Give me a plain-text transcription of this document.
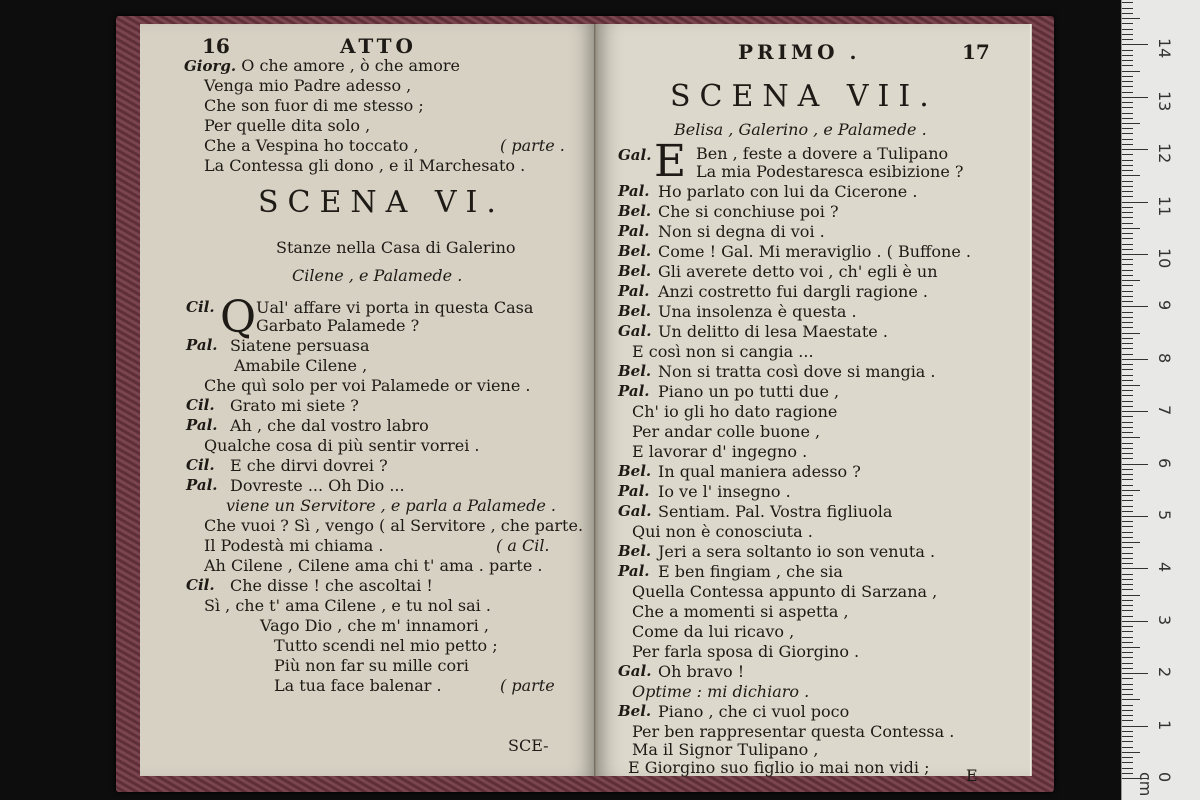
16	ATTO
Giorg. O che amore , ò che amore
Venga mio Padre adesso ,
Che son fuor di me stesso ;
Per quelle dita solo ,
Che a Vespina ho toccato ,	( parte .
La Contessa gli dono , e il Marchesato .
SCENA VI.
Stanze nella Casa di Galerino
Cilene , e Palamede .
Q
Cil.	Ual' affare vi porta in questa Casa
Garbato Palamede ?
Pal. Siatene persuasa
Amabile Cilene ,
Che quì solo per voi Palamede or viene .
Cil. Grato mi siete ?
Pal. Ah , che dal vostro labro
Qualche cosa di più sentir vorrei .
Cil. E che dirvi dovrei ?
Pal. Dovreste ... Oh Dio ...
viene un Servitore , e parla a Palamede .
Che vuoi ? Sì , vengo ( al Servitore , che parte.
Il Podestà mi chiama .	( a Cil.
Ah Cilene , Cilene ama chi t' ama . parte .
Cil. Che disse ! che ascoltai !
Sì , che t' ama Cilene , e tu nol sai .
Vago Dio , che m' innamori ,
Tutto scendi nel mio petto ;
Più non far su mille cori
La tua face balenar .	( parte
SCE-
PRIMO .	17
SCENA VII.
Belisa , Galerino , e Palamede .
Gal. E Ben , feste a dovere a Tulipano
La mia Podestaresca esibizione ?
Pal. Ho parlato con lui da Cicerone .
Bel. Che si conchiuse poi ?
Pal. Non si degna di voi .
Bel. Come ! Gal. Mi meraviglio . ( Buffone .
Bel. Gli averete detto voi , ch' egli è un
Pal. Anzi costretto fui dargli ragione .
Bel. Una insolenza è questa .
Gal. Un delitto di lesa Maestate .
E così non si cangia ...
Bel. Non si tratta così dove si mangia .
Pal. Piano un po tutti due ,
Ch' io gli ho dato ragione
Per andar colle buone ,
E lavorar d' ingegno .
Bel. In qual maniera adesso ?
Pal. Io ve l' insegno .
Gal. Sentiam. Pal. Vostra figliuola
Qui non è conosciuta .
Bel. Jeri a sera soltanto io son venuta .
Pal. E ben fingiam , che sia
Quella Contessa appunto di Sarzana ,
Che a momenti si aspetta ,
Come da lui ricavo ,
Per farla sposa di Giorgino .
Gal. Oh bravo !
Optime : mi dichiaro .
Bel. Piano , che ci vuol poco
Per ben rappresentar questa Contessa .
Ma il Signor Tulipano ,
E Giorgino suo figlio io mai non vidi ; E	0 cm
1
2
3
4
5
6
7
8
9
10
11
12
13
14
